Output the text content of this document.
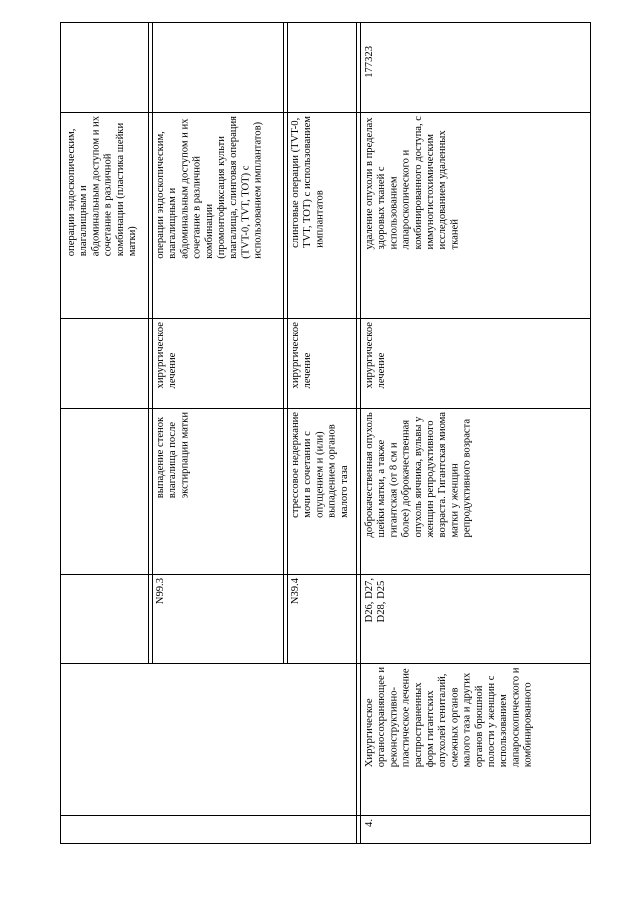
177323
операции эндоскопическим,
влагалищным и
абдоминальным доступом и их
сочетание в различной
комбинации (пластика шейки
матки)
N99.3
выпадение стенок
влагалища после
экстирпации матки
хирургическое
лечение
операции эндоскопическим,
влагалищным и
абдоминальным доступом и их
сочетание в различной
комбинации
(промонтофиксация культи
влагалища, слинговая операция
(TVT-0, TVT, TOT) с
использованием имплантатов)
N39.4
стрессовое недержание
мочи в сочетании с
опущением и (или)
выпадением органов
малого таза
хирургическое
лечение
слинговые операции (TVT-0,
TVT, TOT) с использованием
имплантатов
4.
Хирургическое
органосохраняющее и
реконструктивно-
пластическое лечение
распространенных
форм гигантских
опухолей гениталий,
смежных органов
малого таза и других
органов брюшной
полости у женщин с
использованием
лапароскопического и
комбинированного
D26, D27,
D28, D25
доброкачественная опухоль
шейки матки, а также
гигантская (от 8 см и
более) доброкачественная
опухоль яичника, вульвы у
женщин репродуктивного
возраста. Гигантская миома
матки у женщин
репродуктивного возраста
хирургическое
лечение
удаление опухоли в пределах
здоровых тканей с
использованием
лапароскопического и
комбинированного доступа, с
иммуногистохимическим
исследованием удаленных
тканей
